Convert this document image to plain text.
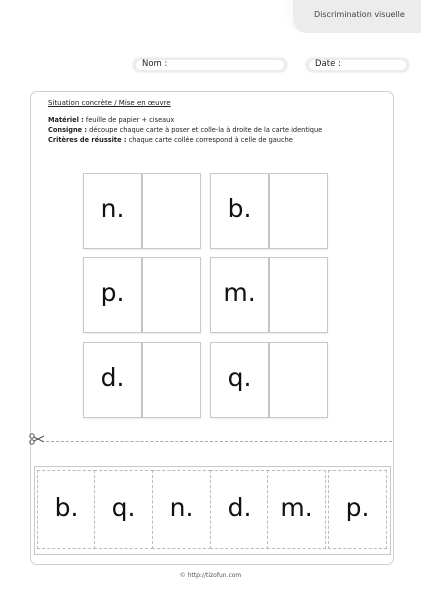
Discrimination visuelle
Nom :	Date :
Situation concrète / Mise en œuvre
Matériel : feuille de papier + ciseaux
Consigne : découpe chaque carte à poser et colle-la à droite de la carte identique
Critères de réussite : chaque carte collée correspond à celle de gauche
n.	b.
p.	m.
d.	q.
b. q. n. d. m. p.
© http://tizofun.com
